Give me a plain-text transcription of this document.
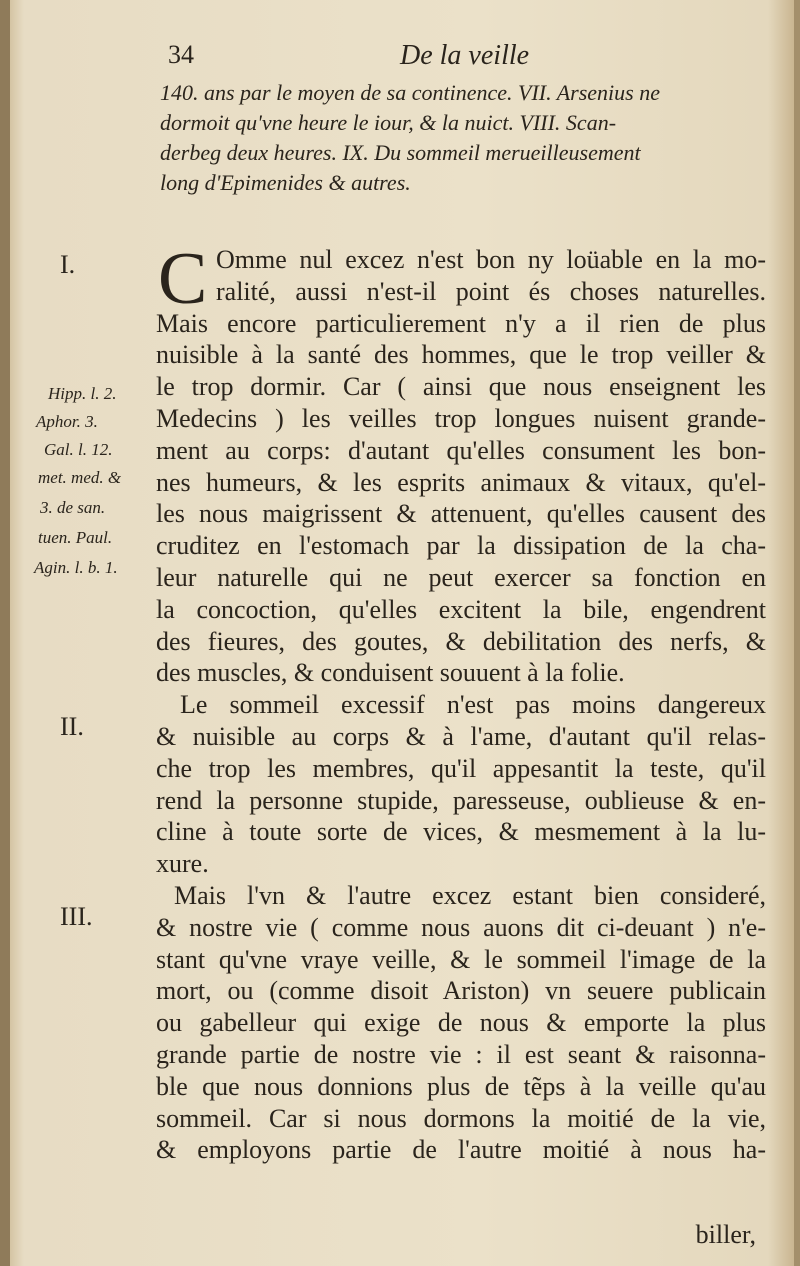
34	De la veille
140. ans par le moyen de sa continence. VII. Arsenius ne
dormoit qu'vne heure le iour, & la nuict. VIII. Scan-
derbeg deux heures. IX. Du sommeil merueilleusement
long d'Epimenides & autres.
I.
II.
III.
Hipp. l. 2.
Aphor. 3.
Gal. l. 12.
met. med. &
3. de san.
tuen. Paul.
Agin. l. b. 1.
C Omme nul excez n'est bon ny loüable en la mo-
ralité, aussi n'est-il point és choses naturelles.
Mais encore particulierement n'y a il rien de plus
nuisible à la santé des hommes, que le trop veiller &
le trop dormir. Car ( ainsi que nous enseignent les
Medecins ) les veilles trop longues nuisent grande-
ment au corps: d'autant qu'elles consument les bon-
nes humeurs, & les esprits animaux & vitaux, qu'el-
les nous maigrissent & attenuent, qu'elles causent des
cruditez en l'estomach par la dissipation de la cha-
leur naturelle qui ne peut exercer sa fonction en
la concoction, qu'elles excitent la bile, engendrent
des fieures, des goutes, & debilitation des nerfs, &
des muscles, & conduisent souuent à la folie.
Le sommeil excessif n'est pas moins dangereux
& nuisible au corps & à l'ame, d'autant qu'il relas-
che trop les membres, qu'il appesantit la teste, qu'il
rend la personne stupide, paresseuse, oublieuse & en-
cline à toute sorte de vices, & mesmement à la lu-
xure.
Mais l'vn & l'autre excez estant bien consideré,
& nostre vie ( comme nous auons dit ci-deuant ) n'e-
stant qu'vne vraye veille, & le sommeil l'image de la
mort, ou (comme disoit Ariston) vn seuere publicain
ou gabelleur qui exige de nous & emporte la plus
grande partie de nostre vie : il est seant & raisonna-
ble que nous donnions plus de tẽps à la veille qu'au
sommeil. Car si nous dormons la moitié de la vie,
& employons partie de l'autre moitié à nous ha-
biller,
